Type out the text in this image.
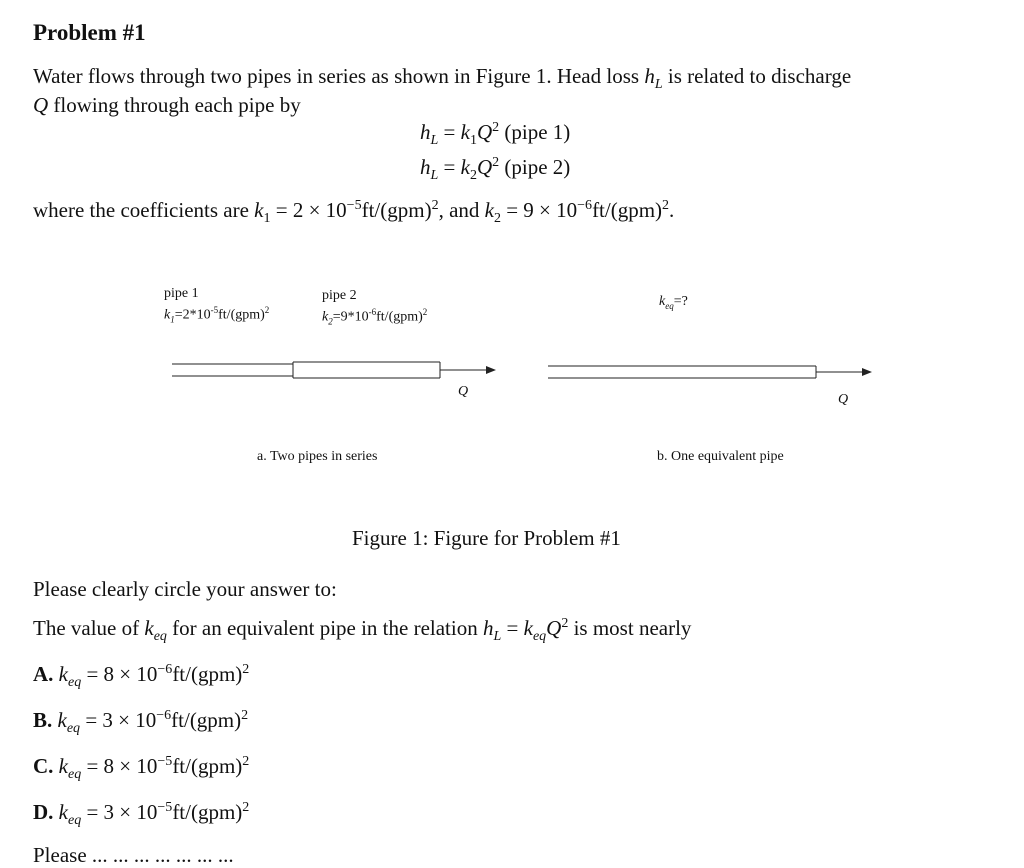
Problem #1
Water flows through two pipes in series as shown in Figure 1. Head loss $h_L$ is related to discharge
Q flowing through each pipe by
$h_L = k_1Q^2$ (pipe 1)
$h_L = k_2Q^2$ (pipe 2)
where the coefficients are $k_1 = 2 \times 10^{-5}ft/(gpm)^2$, and $k_2 = 9 \times 10^{-6}ft/(gpm)^2$.
pipe 1
$k_1=2*10^{-5}ft/(gpm)^2$
pipe 2
$k_2=9*10^{-6}ft/(gpm)^2$
$k_{eq}=$?
Q
Q
a. Two pipes in series	b. One equivalent pipe
Figure 1: Figure for Problem #1
Please clearly circle your answer to:
The value of $k_{eq}$ for an equivalent pipe in the relation $h_L = k_{eq}Q^2$ is most nearly
A. $k_{eq} = 8 \times 10^{-6}ft/(gpm)^2$
B. $k_{eq} = 3 \times 10^{-6}ft/(gpm)^2$
C. $k_{eq} = 8 \times 10^{-5}ft/(gpm)^2$
D. $k_{eq} = 3 \times 10^{-5}ft/(gpm)^2$
Please ... ... ... ... ... ... ...
